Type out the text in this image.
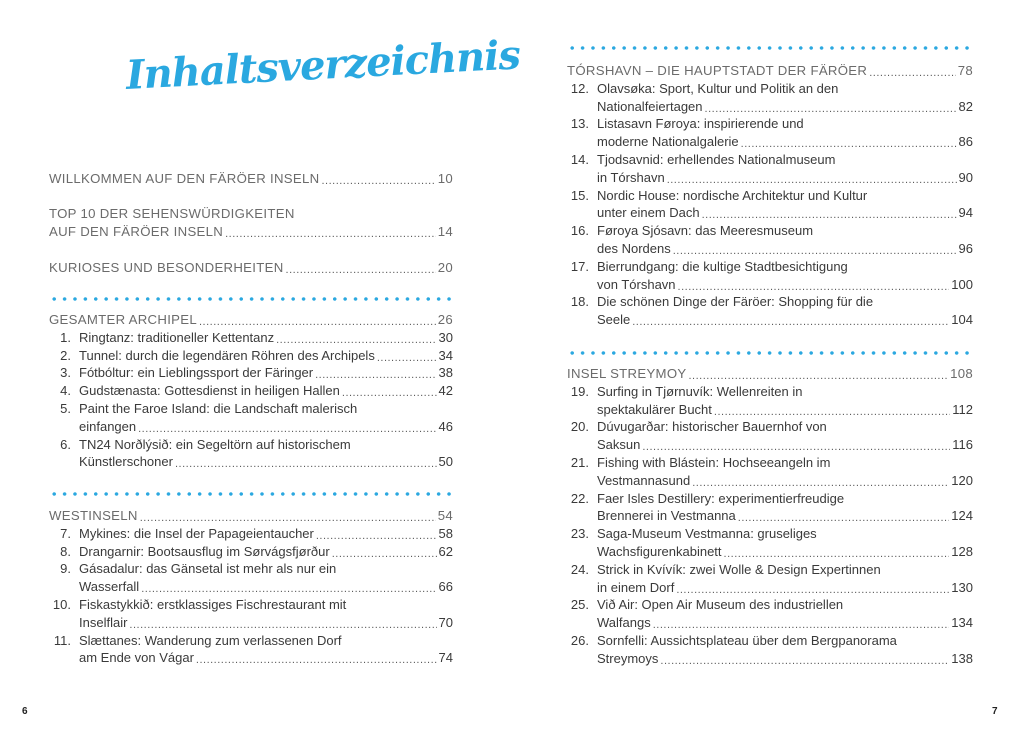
Inhaltsverzeichnis
WILLKOMMEN AUF DEN FÄRÖER INSELN .....	10
TOP 10 DER SEHENSWÜRDIGKEITEN
AUF DEN FÄRÖER INSELN .....	14
KURIOSES UND BESONDERHEITEN .....	20
GESAMTER ARCHIPEL .....	26
1. Ringtanz: traditioneller Kettentanz .....	30
2. Tunnel: durch die legendären Röhren des Archipels .....	34
3. Fótbóltur: ein Lieblingssport der Färinger .....	38
4. Gudstænasta: Gottesdienst in heiligen Hallen .....	42
5. Paint the Faroe Island: die Landschaft malerisch
einfangen .....	46
6. TN24 Norðlýsið: ein Segeltörn auf historischem
Künstlerschoner .....	50
WESTINSELN .....	54
7. Mykines: die Insel der Papageientaucher .....	58
8. Drangarnir: Bootsausflug im Sørvágsfjørður .....	62
9. Gásadalur: das Gänsetal ist mehr als nur ein
Wasserfall .....	66
10. Fiskastykkið: erstklassiges Fischrestaurant mit
Inselflair .....	70
11. Slættanes: Wanderung zum verlassenen Dorf
am Ende von Vágar .....	74
6
TÓRSHAVN – DIE HAUPTSTADT DER FÄRÖER .....	78
12. Olavsøka: Sport, Kultur und Politik an den
Nationalfeiertagen .....	82
13. Listasavn Føroya: inspirierende und
moderne Nationalgalerie .....	86
14. Tjodsavnid: erhellendes Nationalmuseum
in Tórshavn .....	90
15. Nordic House: nordische Architektur und Kultur
unter einem Dach .....	94
16. Føroya Sjósavn: das Meeresmuseum
des Nordens .....	96
17. Bierrundgang: die kultige Stadtbesichtigung
von Tórshavn .....	100
18. Die schönen Dinge der Färöer: Shopping für die
Seele .....	104
INSEL STREYMOY .....	108
19. Surfing in Tjørnuvík: Wellenreiten in
spektakulärer Bucht .....	112
20. Dúvugarðar: historischer Bauernhof von
Saksun .....	116
21. Fishing with Blástein: Hochseeangeln im
Vestmannasund .....	120
22. Faer Isles Destillery: experimentierfreudige
Brennerei in Vestmanna .....	124
23. Saga-Museum Vestmanna: gruseliges
Wachsfigurenkabinett .....	128
24. Strick in Kvívík: zwei Wolle & Design Expertinnen
in einem Dorf .....	130
25. Við Air: Open Air Museum des industriellen
Walfangs .....	134
26. Sornfelli: Aussichtsplateau über dem Bergpanorama
Streymoys .....	138
7
